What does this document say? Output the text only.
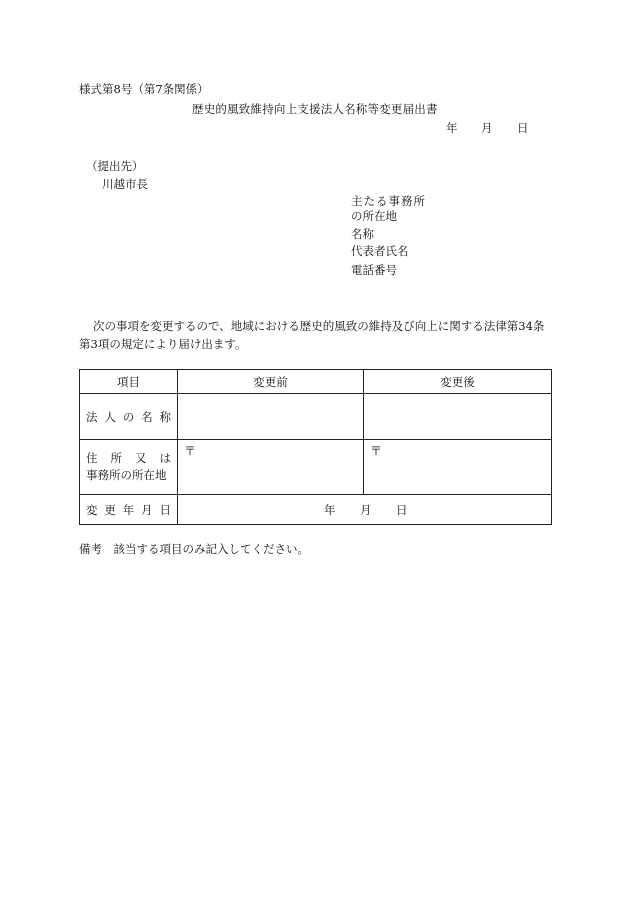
様式第8号（第7条関係）
歴史的風致維持向上支援法人名称等変更届出書
年 月 日
（提出先）
川越市長
主たる事務所
の所在地
名称
代表者氏名
電話番号
次の事項を変更するので、地域における歴史的風致の維持及び向上に関する法律第34条
第3項の規定により届け出ます。
項目	変更前	変更後

法 人 の 名 称		

住 所 又 は
事務所の所在地	〒	〒

変 更 年 月 日	年 月 日	
備考　該当する項目のみ記入してください。
